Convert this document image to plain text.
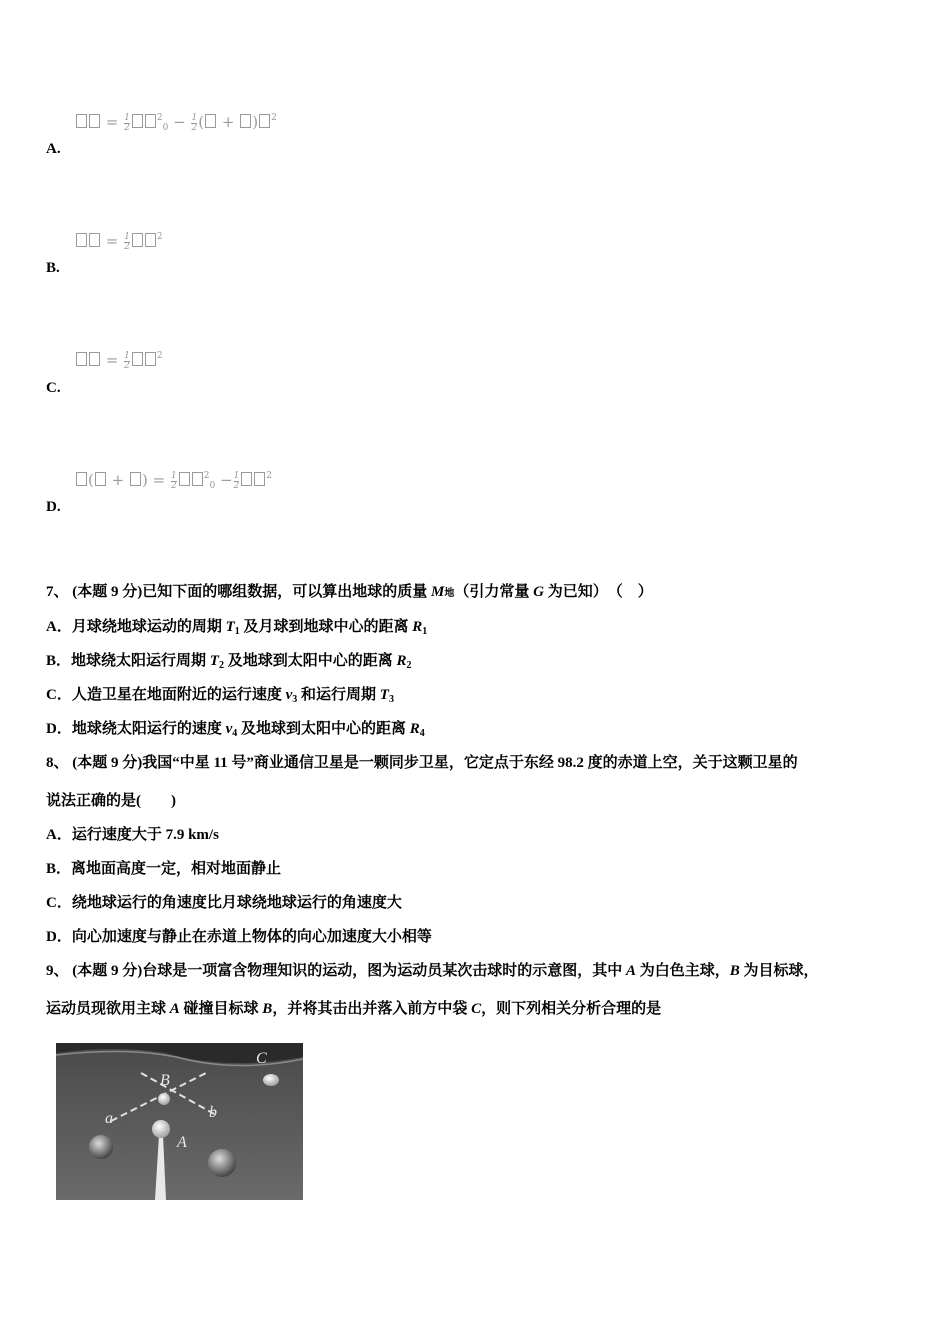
= $\frac{1}{2}$	$^2_0 - \frac{1}{2}$ ( + ) $^2$
A.
= $\frac{1}{2}$	$^2$
B.
= $\frac{1}{2}$	$^2$
C.
( + ) = $\frac{1}{2}$	$^2_0 - \frac{1}{2}$	$^2$
D.
7、 (本题 9 分)已知下面的哪组数据，可以算出地球的质量 M地（引力常量 G 为已知）　（　）
A．月球绕地球运动的周期 $T_1$ 及月球到地球中心的距离 $R_1$
B．地球绕太阳运行周期 $T_2$ 及地球到太阳中心的距离 $R_2$
C．人造卫星在地面附近的运行速度 $v_3$ 和运行周期 $T_3$
D．地球绕太阳运行的速度 $v_4$ 及地球到太阳中心的距离 $R_4$
8、 (本题 9 分)我国“中星 11 号”商业通信卫星是一颗同步卫星，它定点于东经 98.2 度的赤道上空，关于这颗卫星的
说法正确的是(　　)
A．运行速度大于 7.9 km/s
B．离地面高度一定，相对地面静止
C．绕地球运行的角速度比月球绕地球运行的角速度大
D．向心加速度与静止在赤道上物体的向心加速度大小相等
9、 (本题 9 分)台球是一项富含物理知识的运动，图为运动员某次击球时的示意图，其中 A 为白色主球，B 为目标球，
运动员现欲用主球 A 碰撞目标球 B，并将其击出并落入前方中袋 C，则下列相关分析合理的是
C
B
a	b
A
